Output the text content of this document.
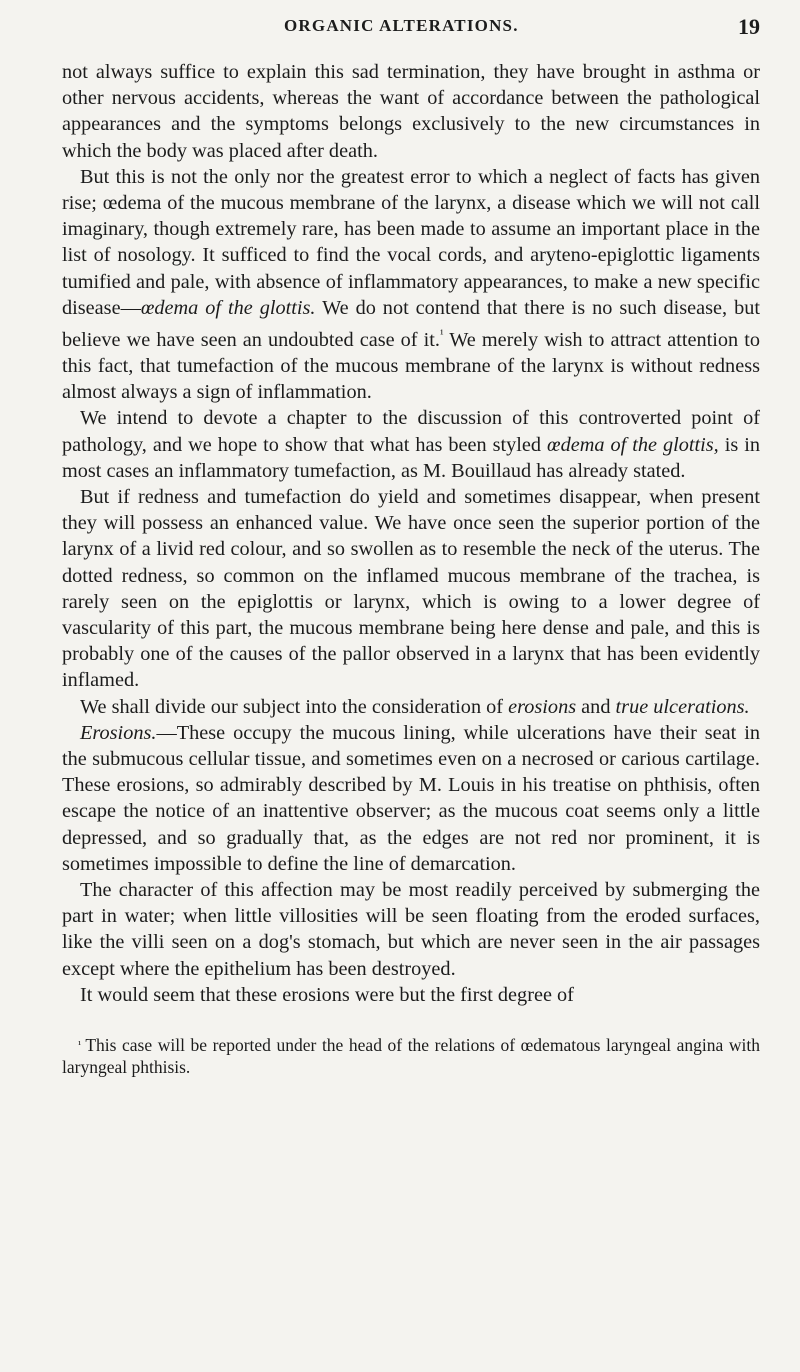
ORGANIC ALTERATIONS.	19

not always suffice to explain this sad termination, they have brought in asthma or other nervous accidents, whereas the want of accordance between the pathological appearances and the symptoms belongs exclusively to the new circumstances in which the body was placed after death.

But this is not the only nor the greatest error to which a neglect of facts has given rise; œdema of the mucous membrane of the larynx, a disease which we will not call imaginary, though extremely rare, has been made to assume an important place in the list of nosology. It sufficed to find the vocal cords, and aryteno-epiglottic ligaments tumified and pale, with absence of inflammatory appearances, to make a new specific disease—œdema of the glottis. We do not contend that there is no such disease, but believe we have seen an undoubted case of it.$^{^1}$ We merely wish to attract attention to this fact, that tumefaction of the mucous membrane of the larynx is without redness almost always a sign of inflammation.

We intend to devote a chapter to the discussion of this controverted point of pathology, and we hope to show that what has been styled œdema of the glottis, is in most cases an inflammatory tumefaction, as M. Bouillaud has already stated.

But if redness and tumefaction do yield and sometimes disappear, when present they will possess an enhanced value. We have once seen the superior portion of the larynx of a livid red colour, and so swollen as to resemble the neck of the uterus. The dotted redness, so common on the inflamed mucous membrane of the trachea, is rarely seen on the epiglottis or larynx, which is owing to a lower degree of vascularity of this part, the mucous membrane being here dense and pale, and this is probably one of the causes of the pallor observed in a larynx that has been evidently inflamed.

We shall divide our subject into the consideration of erosions and true ulcerations.

Erosions.—These occupy the mucous lining, while ulcerations have their seat in the submucous cellular tissue, and sometimes even on a necrosed or carious cartilage. These erosions, so admirably described by M. Louis in his treatise on phthisis, often escape the notice of an inattentive observer; as the mucous coat seems only a little depressed, and so gradually that, as the edges are not red nor prominent, it is sometimes impossible to define the line of demarcation.

The character of this affection may be most readily perceived by submerging the part in water; when little villosities will be seen floating from the eroded surfaces, like the villi seen on a dog's stomach, but which are never seen in the air passages except where the epithelium has been destroyed.

It would seem that these erosions were but the first degree of

$^{^1}$ This case will be reported under the head of the relations of œdematous laryngeal angina with laryngeal phthisis.
